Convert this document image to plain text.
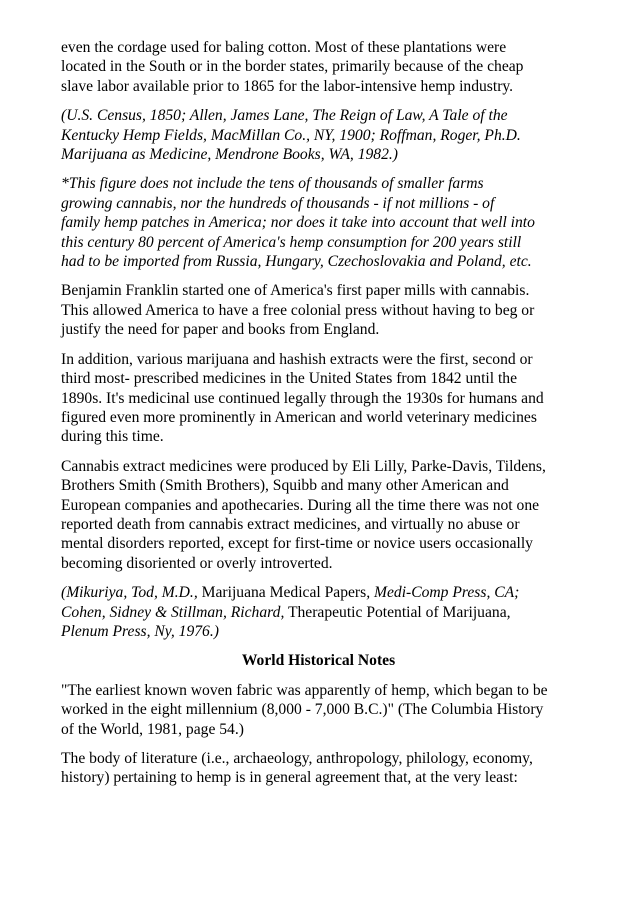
even the cordage used for baling cotton. Most of these plantations were
located in the South or in the border states, primarily because of the cheap
slave labor available prior to 1865 for the labor-intensive hemp industry.

(U.S. Census, 1850; Allen, James Lane, The Reign of Law, A Tale of the
Kentucky Hemp Fields, MacMillan Co., NY, 1900; Roffman, Roger, Ph.D.
Marijuana as Medicine, Mendrone Books, WA, 1982.)

*This figure does not include the tens of thousands of smaller farms
growing cannabis, nor the hundreds of thousands - if not millions - of
family hemp patches in America; nor does it take into account that well into
this century 80 percent of America's hemp consumption for 200 years still
had to be imported from Russia, Hungary, Czechoslovakia and Poland, etc.

Benjamin Franklin started one of America's first paper mills with cannabis.
This allowed America to have a free colonial press without having to beg or
justify the need for paper and books from England.

In addition, various marijuana and hashish extracts were the first, second or
third most- prescribed medicines in the United States from 1842 until the
1890s. It's medicinal use continued legally through the 1930s for humans and
figured even more prominently in American and world veterinary medicines
during this time.

Cannabis extract medicines were produced by Eli Lilly, Parke-Davis, Tildens,
Brothers Smith (Smith Brothers), Squibb and many other American and
European companies and apothecaries. During all the time there was not one
reported death from cannabis extract medicines, and virtually no abuse or
mental disorders reported, except for first-time or novice users occasionally
becoming disoriented or overly introverted.

(Mikuriya, Tod, M.D., Marijuana Medical Papers, Medi-Comp Press, CA;
Cohen, Sidney & Stillman, Richard, Therapeutic Potential of Marijuana,
Plenum Press, Ny, 1976.)

World Historical Notes

"The earliest known woven fabric was apparently of hemp, which began to be
worked in the eight millennium (8,000 - 7,000 B.C.)" (The Columbia History
of the World, 1981, page 54.)

The body of literature (i.e., archaeology, anthropology, philology, economy,
history) pertaining to hemp is in general agreement that, at the very least:
